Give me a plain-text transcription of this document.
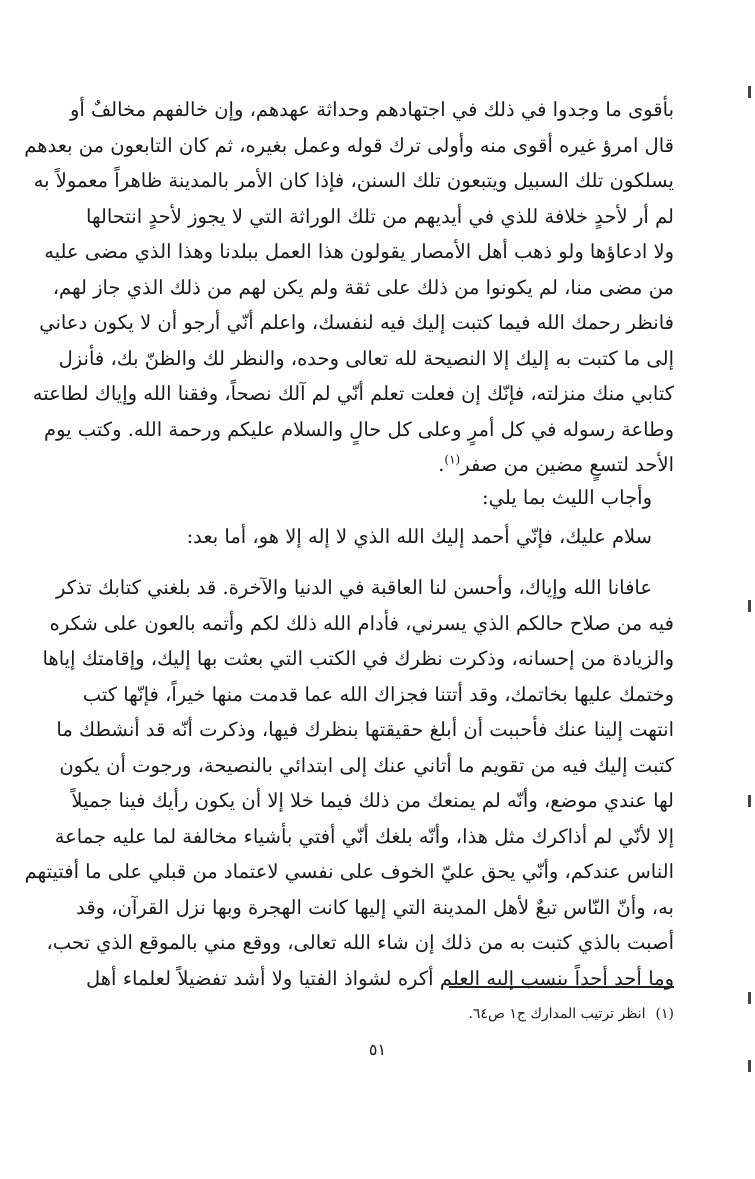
بأقوى ما وجدوا في ذلك في اجتهادهم وحداثة عهدهم، وإن خالفهم مخالفٌ أو
قال امرؤ غيره أقوى منه وأولى ترك قوله وعمل بغيره، ثم كان التابعون من بعدهم
يسلكون تلك السبيل ويتبعون تلك السنن، فإذا كان الأمر بالمدينة ظاهراً معمولاً به
لم أر لأحدٍ خلافة للذي في أيديهم من تلك الوراثة التي لا يجوز لأحدٍ انتحالها
ولا ادعاؤها ولو ذهب أهل الأمصار يقولون هذا العمل ببلدنا وهذا الذي مضى عليه
من مضى منا، لم يكونوا من ذلك على ثقة ولم يكن لهم من ذلك الذي جاز لهم،
فانظر رحمك الله فيما كتبت إليك فيه لنفسك، واعلم أنّي أرجو أن لا يكون دعاني
إلى ما كتبت به إليك إلا النصيحة لله تعالى وحده، والنظر لك والظنّ بك، فأنزل
كتابي منك منزلته، فإنّك إن فعلت تعلم أنّي لم آلك نصحاً، وفقنا الله وإياك لطاعته
وطاعة رسوله في كل أمرٍ وعلى كل حالٍ والسلام عليكم ورحمة الله. وكتب يوم
الأحد لتسعٍ مضين من صفر$^{(١)}$.

وأجاب الليث بما يلي:

سلام عليك، فإنّي أحمد إليك الله الذي لا إله إلا هو، أما بعد:

عافانا الله وإياك، وأحسن لنا العاقبة في الدنيا والآخرة. قد بلغني كتابك تذكر
فيه من صلاح حالكم الذي يسرني، فأدام الله ذلك لكم وأتمه بالعون على شكره
والزيادة من إحسانه، وذكرت نظرك في الكتب التي بعثت بها إليك، وإقامتك إياها
وختمك عليها بخاتمك، وقد أتتنا فجزاك الله عما قدمت منها خيراً، فإنّها كتب
انتهت إلينا عنك فأحببت أن أبلغ حقيقتها بنظرك فيها، وذكرت أنّه قد أنشطك ما
كتبت إليك فيه من تقويم ما أتاني عنك إلى ابتدائي بالنصيحة، ورجوت أن يكون
لها عندي موضع، وأنّه لم يمنعك من ذلك فيما خلا إلا أن يكون رأيك فينا جميلاً
إلا لأنّي لم أذاكرك مثل هذا، وأنّه بلغك أنّي أفتي بأشياء مخالفة لما عليه جماعة
الناس عندكم، وأنّي يحق عليّ الخوف على نفسي لاعتماد من قبلي على ما أفتيتهم
به، وأنّ النّاس تبعٌ لأهل المدينة التي إليها كانت الهجرة وبها نزل القرآن، وقد
أصبت بالذي كتبت به من ذلك إن شاء الله تعالى، ووقع مني بالموقع الذي تحب،
وما أجد أحداً ينسب إليه العلم أكره لشواذ الفتيا ولا أشد تفضيلاً لعلماء أهل

(١)انظر ترتيب المدارك ج١ ص٦٤.
٥١
